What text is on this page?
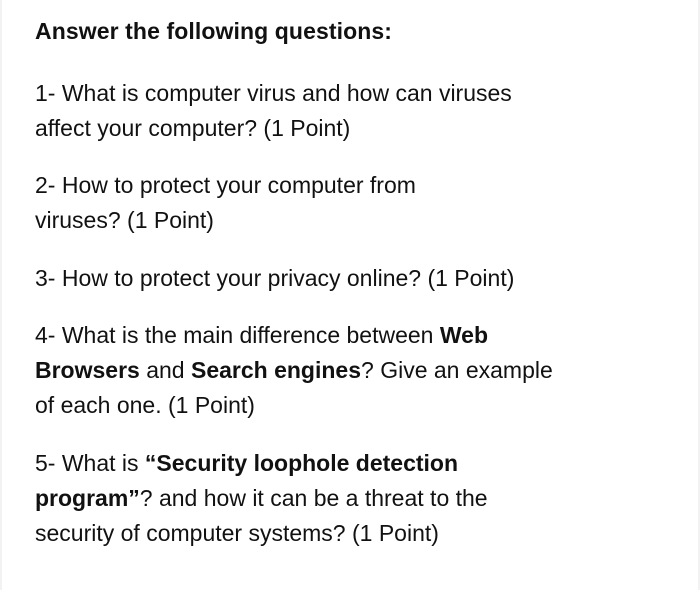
Answer the following questions:
1- What is computer virus and how can viruses
affect your computer? (1 Point)
2- How to protect your computer from
viruses? (1 Point)
3- How to protect your privacy online? (1 Point)
4- What is the main difference between Web
Browsers and Search engines? Give an example
of each one. (1 Point)
5- What is “Security loophole detection
program”? and how it can be a threat to the
security of computer systems? (1 Point)
